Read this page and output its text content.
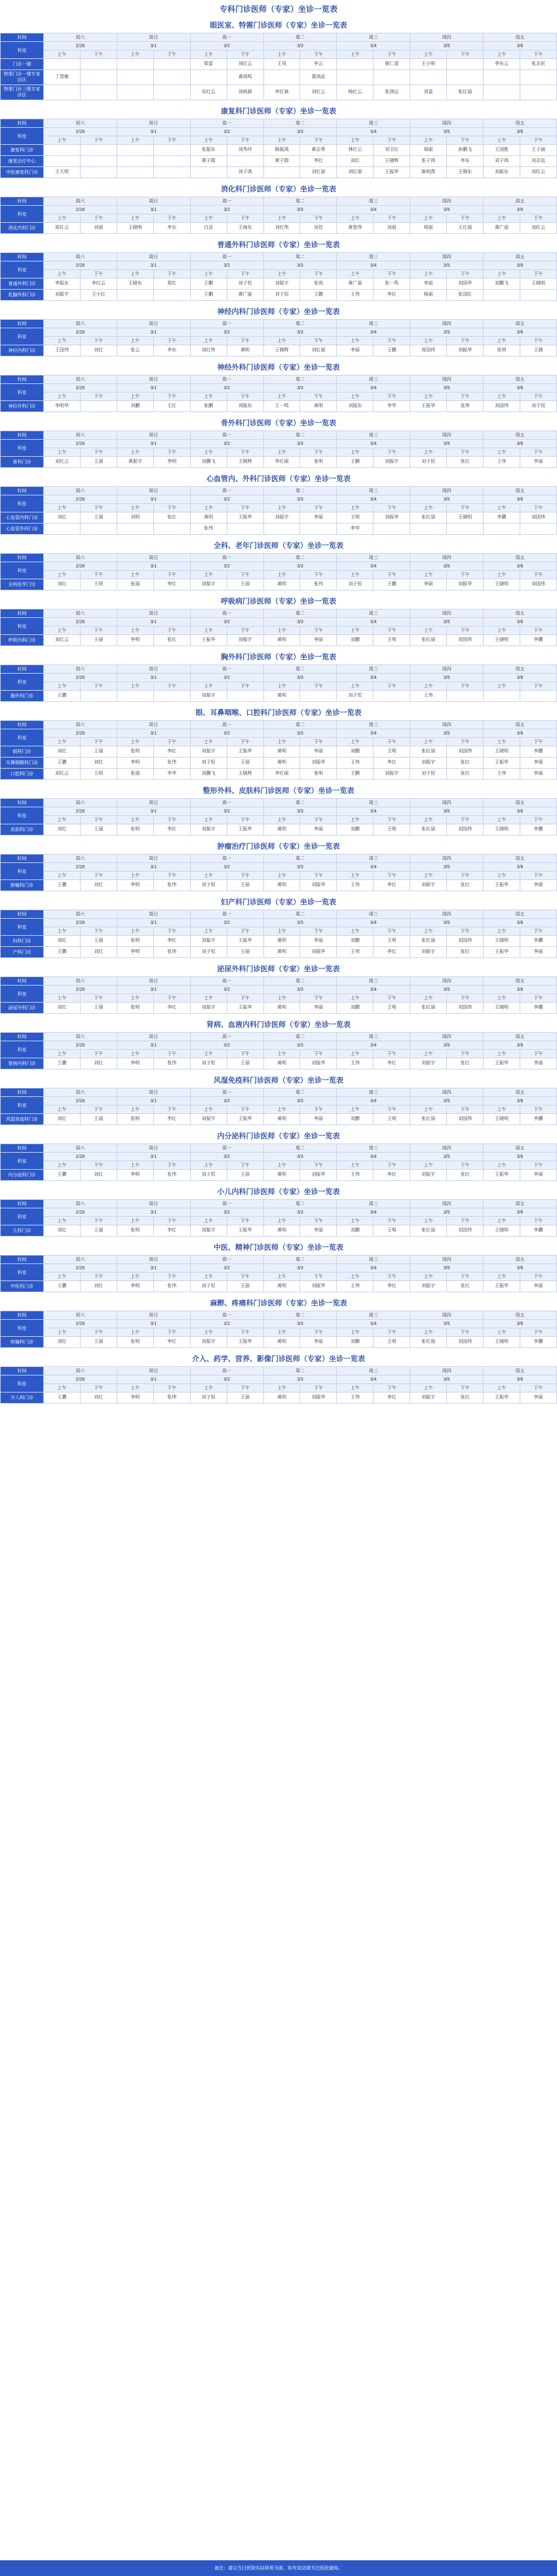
专科门诊医师（专家）坐诊一览表
眼医室、特需门诊医师（专家）坐诊一览表
时间	周六		周日		周一		周二		周三		周四		周五	
科室	2/28		3/1		3/2		3/3		3/4		3/5		3/6	
	上午	下午	上午	下午	上午	下午	上午	下午	上午	下午	上午	下午	上午	下午
门诊一楼					梁雷	刘红云	王凤	李云		黄仁清	王小明		李东云	张志民

特需门诊一楼专家诊区	丁智敏					黄鸿鸣		葛鸿武						

特需门诊三楼专家诊区					吴红云	刘炳晨	李红斌	刘红云	杨红云	张鸿运	刘雷	张红丽		

康复科门诊医师（专家）坐诊一览表
时间	周六		周日		周一		周二		周三		周四		周五	
科室	2/28		3/1		3/2		3/3		3/4		3/5		3/6	
	上午	下午	上午	下午	上午	下午	上午	下午	上午	下午	上午	下午	上午	下午
康复科门诊					张振东	刘秀玲	陈振鸿	黄志勇	林红云	刘卫红	胡丽	孙鹏飞	王国胜	王子涵

康复治疗中心					黄子娟		黄子娟	李红	刘红	王晓辉	张子鸿	李东	刘子鸿	刘志远

中医康复科门诊	王大明					刘子鸿		刘红丽	刘红丽	王振华	陈明燕	王晓东	刘振东	刘红云
消化科门诊医师（专家）坐诊一览表
时间	周六		周日		周一		周二		周三		周四		周五	
科室	2/28		3/1		3/2		3/3		3/4		3/5		3/6	
	上午	下午	上午	下午	上午	下午	上午	下午	上午	下午	上午	下午	上午	下午
消化内科门诊	郑红云	刘丽	王晓明	李东	白洁	王海东	刘红伟	刘佳	黄智伟	刘丽	胡丽	王红丽	黄广丽	刘红云
普通外科门诊医师（专家）坐诊一览表
时间	周六		周日		周一		周二		周三		周四		周五	
科室	2/28		3/1		3/2		3/3		3/4		3/5		3/6	
	上午	下午	上午	下午	上午	下午	上午	下午	上午	下午	上午	下午	上午	下午
普通外科门诊	李振东	李红云	王晓东	郑红	王鹏	刘子恒	刘振宇	张鸿	黄广丽	张一鸣	李丽	刘国华	刘鹏飞	王晓明

乳腺外科门诊	刘振宇	王小红			王鹏	黄广丽	刘子恒	王鹏	王伟	李红	杨丽	张国红		

神经内科门诊医师（专家）坐诊一览表
时间	周六		周日		周一		周二		周三		周四		周五	
科室	2/28		3/1		3/2		3/3		3/4		3/5		3/6	
	上午	下午	上午	下午	上午	下午	上午	下午	上午	下午	上午	下午	上午	下午
神经内科门诊	王国伟	刘红	张云	李东	刘红伟	黄明	王晓辉	刘红丽	李丽	王鹏	周国伟	刘振华	张明	王晓
神经外科门诊医师（专家）坐诊一览表
时间	周六		周日		周一		周二		周三		周四		周五	
科室	2/28		3/1		3/2		3/3		3/4		3/5		3/6	
	上午	下午	上午	下午	上午	下午	上午	下午	上午	下午	上午	下午	上午	下午
神经外科门诊	李明华		刘鹏	王红	张鹏	刘振东	王一鸣	黄明	刘振东	李华	王振华	张伟	刘国伟	刘子恒
骨外科门诊医师（专家）坐诊一览表
时间	周六		周日		周一		周二		周三		周四		周五	
科室	2/28		3/1		3/2		3/3		3/4		3/5		3/6	
	上午	下午	上午	下午	上午	下午	上午	下午	上午	下午	上午	下午	上午	下午
骨科门诊	刘红云	王丽	黄振宇	李明	刘鹏飞	王晓辉	李红丽	张明	王鹏	刘振宇	刘子恒	张红	王伟	李丽
心血管内、外科门诊医师（专家）坐诊一览表
时间	周六		周日		周一		周二		周三		周四		周五	
科室	2/28		3/1		3/2		3/3		3/4		3/5		3/6	
	上午	下午	上午	下午	上午	下午	上午	下午	上午	下午	上午	下午	上午	下午
心血管内科门诊	刘红	王丽	刘明	张红	黄明	王振华	刘振宇	李丽	王明	刘振华	张红丽	王晓明	李鹏	刘国伟

心血管外科门诊					张伟				李华					

全科、老年门诊医师（专家）坐诊一览表
时间	周六		周日		周一		周二		周三		周四		周五	
科室	2/28		3/1		3/2		3/3		3/4		3/5		3/6	
	上午	下午	上午	下午	上午	下午	上午	下午	上午	下午	上午	下午	上午	下午
全科医学门诊	刘红	王明	张丽	李红	刘振宇	王丽	黄明	张伟	刘子恒	王鹏	李丽	刘振华	王晓明	刘国伟
呼吸病门诊医师（专家）坐诊一览表
时间	周六		周日		周一		周二		周三		周四		周五	
科室	2/28		3/1		3/2		3/3		3/4		3/5		3/6	
	上午	下午	上午	下午	上午	下午	上午	下午	上午	下午	上午	下午	上午	下午
呼吸内科门诊	刘红云	王丽	李明	张红	王振华	刘振宇	黄明	李丽	刘鹏	王明	张红丽	刘国伟	王晓明	李鹏
胸外科门诊医师（专家）坐诊一览表
时间	周六		周日		周一		周二		周三		周四		周五	
科室	2/28		3/1		3/2		3/3		3/4		3/5		3/6	
	上午	下午	上午	下午	上午	下午	上午	下午	上午	下午	上午	下午	上午	下午
胸外科门诊	王鹏				刘振宇		黄明		刘子恒		王伟			

眼、耳鼻咽喉、口腔科门诊医师（专家）坐诊一览表
时间	周六		周日		周一		周二		周三		周四		周五	
科室	2/28		3/1		3/2		3/3		3/4		3/5		3/6	
	上午	下午	上午	下午	上午	下午	上午	下午	上午	下午	上午	下午	上午	下午
眼科门诊	刘红	王丽	张明	李红	刘振宇	王振华	黄明	李丽	刘鹏	王明	张红丽	刘国伟	王晓明	李鹏

耳鼻咽喉科门诊	王鹏	刘红	李明	张伟	刘子恒	王丽	黄明	刘振华	王伟	李红	刘振宇	张红	王振华	李丽

口腔科门诊	刘红云	王明	张丽	李华	刘鹏飞	王晓辉	李红丽	张明	王鹏	刘振宇	刘子恒	张红	王伟	李丽
整形外科、皮肤科门诊医师（专家）坐诊一览表
时间	周六		周日		周一		周二		周三		周四		周五	
科室	2/28		3/1		3/2		3/3		3/4		3/5		3/6	
	上午	下午	上午	下午	上午	下午	上午	下午	上午	下午	上午	下午	上午	下午
皮肤科门诊	刘红	王丽	张明	李红	刘振宇	王振华	黄明	李丽	刘鹏	王明	张红丽	刘国伟	王晓明	李鹏
肿瘤治疗门诊医师（专家）坐诊一览表
时间	周六		周日		周一		周二		周三		周四		周五	
科室	2/28		3/1		3/2		3/3		3/4		3/5		3/6	
	上午	下午	上午	下午	上午	下午	上午	下午	上午	下午	上午	下午	上午	下午
肿瘤科门诊	王鹏	刘红	李明	张伟	刘子恒	王丽	黄明	刘振华	王伟	李红	刘振宇	张红	王振华	李丽
妇产科门诊医师（专家）坐诊一览表
时间	周六		周日		周一		周二		周三		周四		周五	
科室	2/28		3/1		3/2		3/3		3/4		3/5		3/6	
	上午	下午	上午	下午	上午	下午	上午	下午	上午	下午	上午	下午	上午	下午
妇科门诊	刘红	王丽	张明	李红	刘振宇	王振华	黄明	李丽	刘鹏	王明	张红丽	刘国伟	王晓明	李鹏

产科门诊	王鹏	刘红	李明	张伟	刘子恒	王丽	黄明	刘振华	王伟	李红	刘振宇	张红	王振华	李丽
泌尿外科门诊医师（专家）坐诊一览表
时间	周六		周日		周一		周二		周三		周四		周五	
科室	2/28		3/1		3/2		3/3		3/4		3/5		3/6	
	上午	下午	上午	下午	上午	下午	上午	下午	上午	下午	上午	下午	上午	下午
泌尿外科门诊	刘红	王丽	张明	李红	刘振宇	王振华	黄明	李丽	刘鹏	王明	张红丽	刘国伟	王晓明	李鹏
肾病、血液内科门诊医师（专家）坐诊一览表
时间	周六		周日		周一		周二		周三		周四		周五	
科室	2/28		3/1		3/2		3/3		3/4		3/5		3/6	
	上午	下午	上午	下午	上午	下午	上午	下午	上午	下午	上午	下午	上午	下午
肾病内科门诊	王鹏	刘红	李明	张伟	刘子恒	王丽	黄明	刘振华	王伟	李红	刘振宇	张红	王振华	李丽
风湿免疫科门诊医师（专家）坐诊一览表
时间	周六		周日		周一		周二		周三		周四		周五	
科室	2/28		3/1		3/2		3/3		3/4		3/5		3/6	
	上午	下午	上午	下午	上午	下午	上午	下午	上午	下午	上午	下午	上午	下午
风湿免疫科门诊	刘红	王丽	张明	李红	刘振宇	王振华	黄明	李丽	刘鹏	王明	张红丽	刘国伟	王晓明	李鹏
内分泌科门诊医师（专家）坐诊一览表
时间	周六		周日		周一		周二		周三		周四		周五	
科室	2/28		3/1		3/2		3/3		3/4		3/5		3/6	
	上午	下午	上午	下午	上午	下午	上午	下午	上午	下午	上午	下午	上午	下午
内分泌科门诊	王鹏	刘红	李明	张伟	刘子恒	王丽	黄明	刘振华	王伟	李红	刘振宇	张红	王振华	李丽
小儿内科门诊医师（专家）坐诊一览表
时间	周六		周日		周一		周二		周三		周四		周五	
科室	2/28		3/1		3/2		3/3		3/4		3/5		3/6	
	上午	下午	上午	下午	上午	下午	上午	下午	上午	下午	上午	下午	上午	下午
儿科门诊	刘红	王丽	张明	李红	刘振宇	王振华	黄明	李丽	刘鹏	王明	张红丽	刘国伟	王晓明	李鹏
中医、精神门诊医师（专家）坐诊一览表
时间	周六		周日		周一		周二		周三		周四		周五	
科室	2/28		3/1		3/2		3/3		3/4		3/5		3/6	
	上午	下午	上午	下午	上午	下午	上午	下午	上午	下午	上午	下午	上午	下午
中医科门诊	王鹏	刘红	李明	张伟	刘子恒	王丽	黄明	刘振华	王伟	李红	刘振宇	张红	王振华	李丽
麻醉、疼痛科门诊医师（专家）坐诊一览表
时间	周六		周日		周一		周二		周三		周四		周五	
科室	2/28		3/1		3/2		3/3		3/4		3/5		3/6	
	上午	下午	上午	下午	上午	下午	上午	下午	上午	下午	上午	下午	上午	下午
疼痛科门诊	刘红	王丽	张明	李红	刘振宇	王振华	黄明	李丽	刘鹏	王明	张红丽	刘国伟	王晓明	李鹏
介入、药学、营养、影像门诊医师（专家）坐诊一览表
时间	周六		周日		周一		周二		周三		周四		周五	
科室	2/28		3/1		3/2		3/3		3/4		3/5		3/6	
	上午	下午	上午	下午	上午	下午	上午	下午	上午	下午	上午	下午	上午	下午
介入科门诊	王鹏	刘红	李明	张伟	刘子恒	王丽	黄明	刘振华	王伟	李红	刘振宇	张红	王振华	李丽
备注：请以当日医院实际排班为准，如有变动请关注医院通知。
